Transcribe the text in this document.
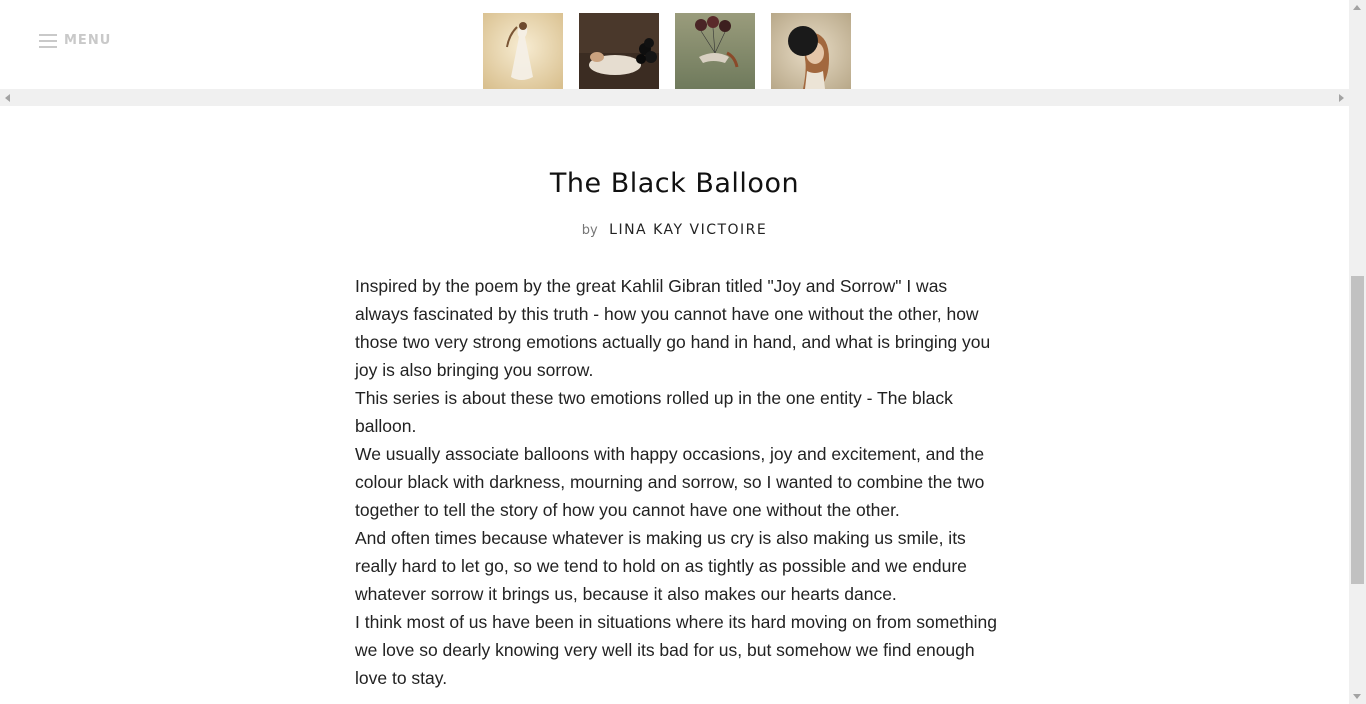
MENU
The Black Balloon
by LINA KAY VICTOIRE

Inspired by the poem by the great Kahlil Gibran titled "Joy and Sorrow" I was always fascinated by this truth - how you cannot have one without the other, how those two very strong emotions actually go hand in hand, and what is bringing you joy is also bringing you sorrow.

This series is about these two emotions rolled up in the one entity - The black balloon.

We usually associate balloons with happy occasions, joy and excitement, and the colour black with darkness, mourning and sorrow, so I wanted to combine the two together to tell the story of how you cannot have one without the other.

And often times because whatever is making us cry is also making us smile, its really hard to let go, so we tend to hold on as tightly as possible and we endure whatever sorrow it brings us, because it also makes our hearts dance.

I think most of us have been in situations where its hard moving on from something we love so dearly knowing very well its bad for us, but somehow we find enough love to stay.
